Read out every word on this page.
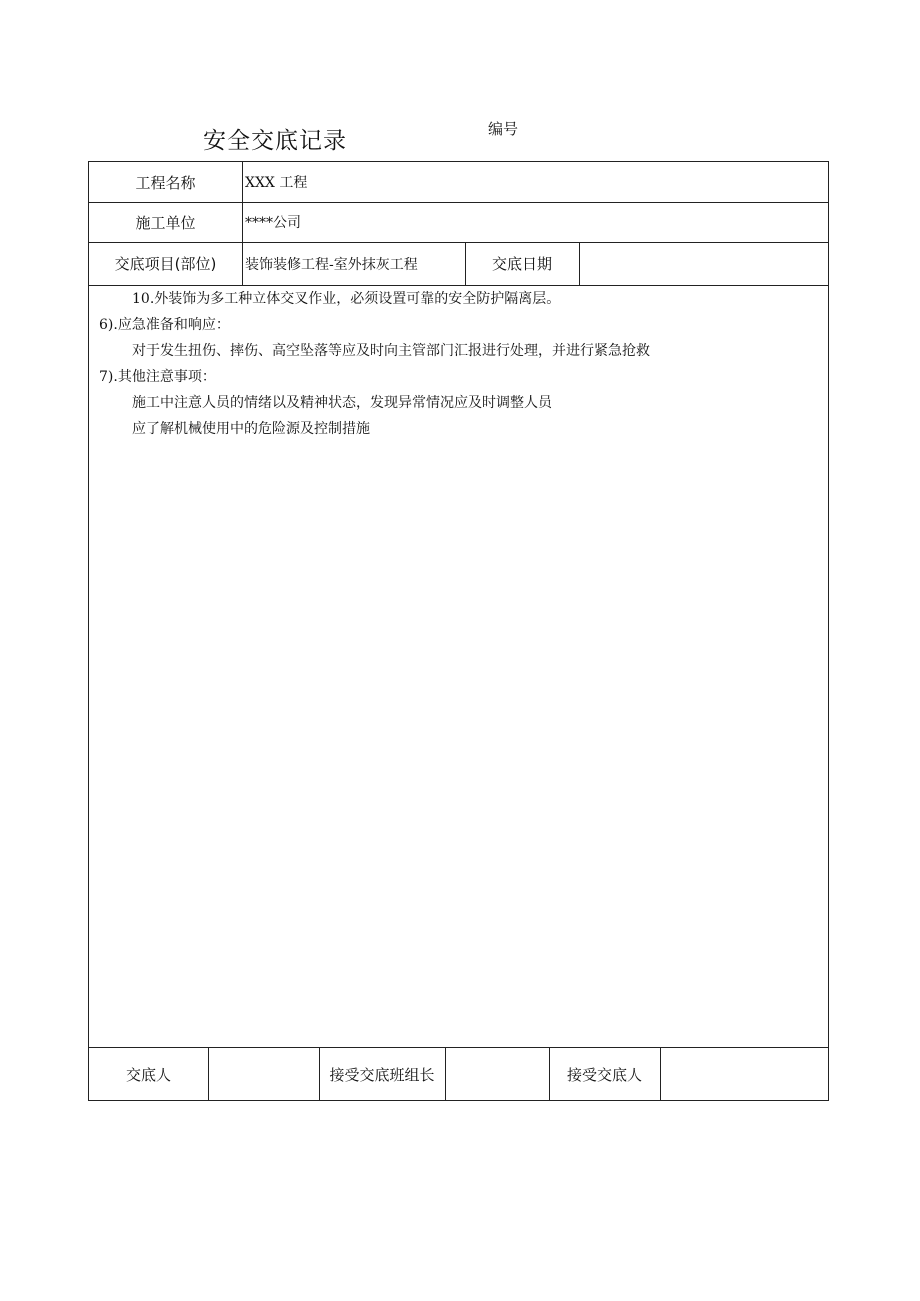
安全交底记录	编号
工程名称	XXX 工程
施工单位	****公司
交底项目(部位)	装饰装修工程-室外抹灰工程	交底日期
10.外装饰为多工种立体交叉作业，必须设置可靠的安全防护隔离层。
6).应急准备和响应：
对于发生扭伤、摔伤、高空坠落等应及时向主管部门汇报进行处理，并进行紧急抢救
7).其他注意事项：
施工中注意人员的情绪以及精神状态，发现异常情况应及时调整人员
应了解机械使用中的危险源及控制措施
交底人	接受交底班组长	接受交底人
